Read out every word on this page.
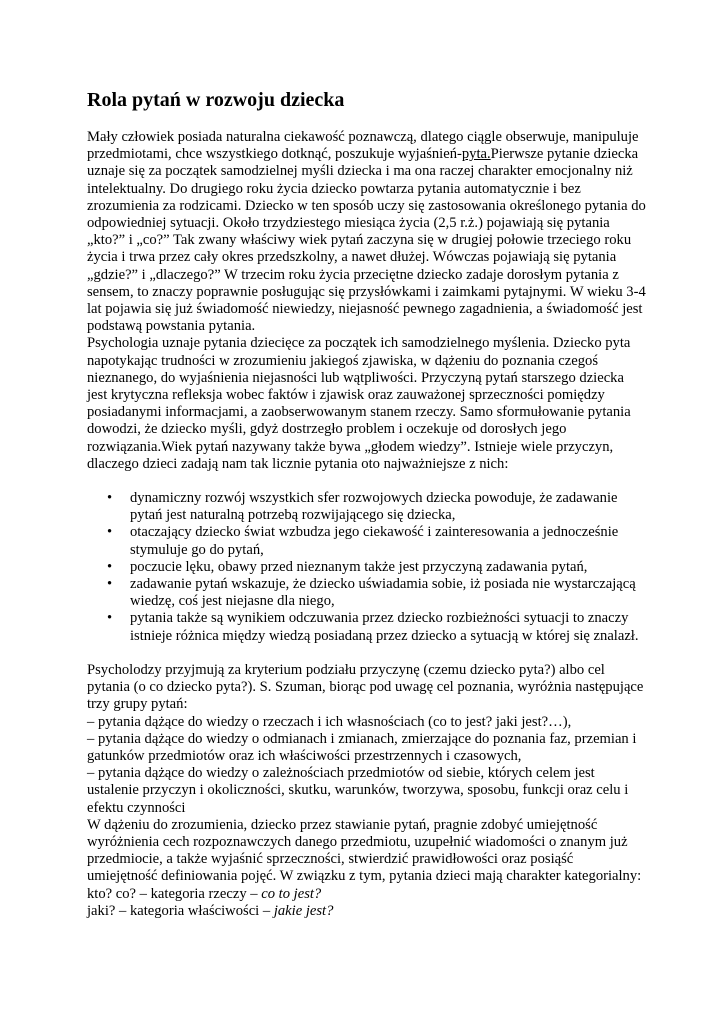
Rola pytań w rozwoju dziecka

Mały człowiek posiada naturalna ciekawość poznawczą, dlatego ciągle obserwuje, manipuluje przedmiotami, chce wszystkiego dotknąć, poszukuje wyjaśnień-pyta.Pierwsze pytanie dziecka uznaje się za początek samodzielnej myśli dziecka i ma ona raczej charakter emocjonalny niż intelektualny. Do drugiego roku życia dziecko powtarza pytania automatycznie i bez zrozumienia za rodzicami. Dziecko w ten sposób uczy się zastosowania określonego pytania do odpowiedniej sytuacji. Około trzydziestego miesiąca życia (2,5 r.ż.) pojawiają się pytania „kto?” i „co?” Tak zwany właściwy wiek pytań zaczyna się w drugiej połowie trzeciego roku życia i trwa przez cały okres przedszkolny, a nawet dłużej. Wówczas pojawiają się pytania „gdzie?” i „dlaczego?” W trzecim roku życia przeciętne dziecko zadaje dorosłym pytania z sensem, to znaczy poprawnie posługując się przysłówkami i zaimkami pytajnymi. W wieku 3-4 lat pojawia się już świadomość niewiedzy, niejasność pewnego zagadnienia, a świadomość jest podstawą powstania pytania.

Psychologia uznaje pytania dziecięce za początek ich samodzielnego myślenia. Dziecko pyta napotykając trudności w zrozumieniu jakiegoś zjawiska, w dążeniu do poznania czegoś nieznanego, do wyjaśnienia niejasności lub wątpliwości. Przyczyną pytań starszego dziecka jest krytyczna refleksja wobec faktów i zjawisk oraz zauważonej sprzeczności pomiędzy posiadanymi informacjami, a zaobserwowanym stanem rzeczy. Samo sformułowanie pytania dowodzi, że dziecko myśli, gdyż dostrzegło problem i oczekuje od dorosłych jego rozwiązania.Wiek pytań nazywany także bywa „głodem wiedzy”. Istnieje wiele przyczyn, dlaczego dzieci zadają nam tak licznie pytania oto najważniejsze z nich:

• dynamiczny rozwój wszystkich sfer rozwojowych dziecka powoduje, że zadawanie pytań jest naturalną potrzebą rozwijającego się dziecka,
• otaczający dziecko świat wzbudza jego ciekawość i zainteresowania a jednocześnie stymuluje go do pytań,
• poczucie lęku, obawy przed nieznanym także jest przyczyną zadawania pytań,
• zadawanie pytań wskazuje, że dziecko uświadamia sobie, iż posiada nie wystarczającą wiedzę, coś jest niejasne dla niego,
• pytania także są wynikiem odczuwania przez dziecko rozbieżności sytuacji to znaczy istnieje różnica między wiedzą posiadaną przez dziecko a sytuacją w której się znalazł.

Psycholodzy przyjmują za kryterium podziału przyczynę (czemu dziecko pyta?) albo cel pytania (o co dziecko pyta?). S. Szuman, biorąc pod uwagę cel poznania, wyróżnia następujące trzy grupy pytań:

– pytania dążące do wiedzy o rzeczach i ich własnościach (co to jest? jaki jest?…),

– pytania dążące do wiedzy o odmianach i zmianach, zmierzające do poznania faz, przemian i gatunków przedmiotów oraz ich właściwości przestrzennych i czasowych,

– pytania dążące do wiedzy o zależnościach przedmiotów od siebie, których celem jest ustalenie przyczyn i okoliczności, skutku, warunków, tworzywa, sposobu, funkcji oraz celu i efektu czynności

W dążeniu do zrozumienia, dziecko przez stawianie pytań, pragnie zdobyć umiejętność wyróżnienia cech rozpoznawczych danego przedmiotu, uzupełnić wiadomości o znanym już przedmiocie, a także wyjaśnić sprzeczności, stwierdzić prawidłowości oraz posiąść umiejętność definiowania pojęć. W związku z tym, pytania dzieci mają charakter kategorialny:

kto? co? – kategoria rzeczy – co to jest?

jaki? – kategoria właściwości – jakie jest?
